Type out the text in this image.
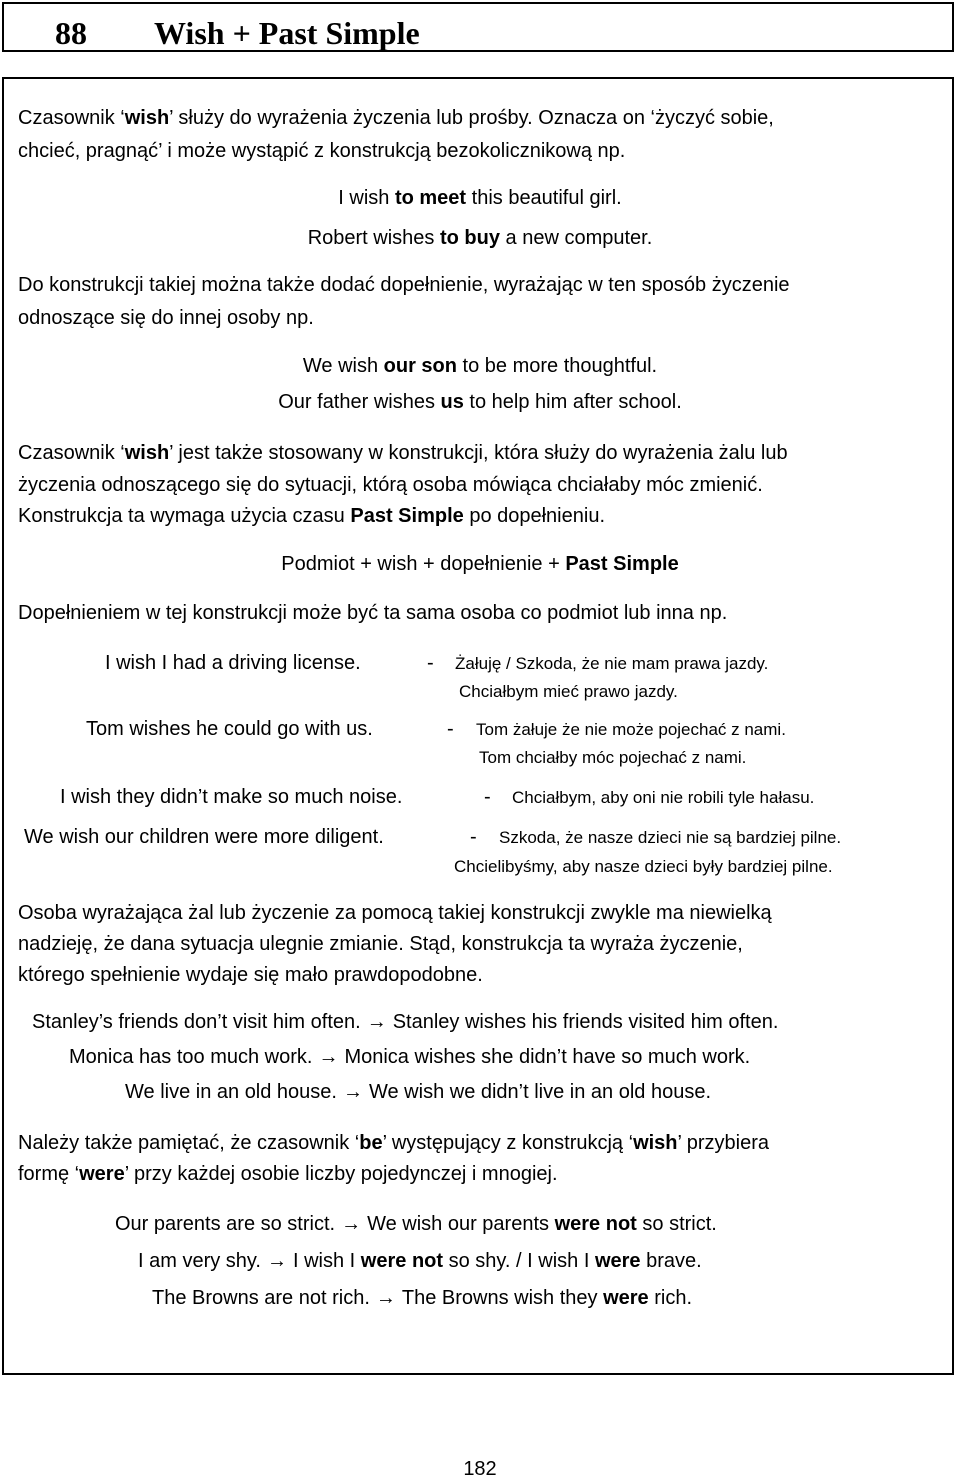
88 Wish + Past Simple
Czasownik ‘wish’ służy do wyrażenia życzenia lub prośby. Oznacza on ‘życzyć sobie,
chcieć, pragnąć’ i może wystąpić z konstrukcją bezokolicznikową np.
I wish to meet this beautiful girl.
Robert wishes to buy a new computer.
Do konstrukcji takiej można także dodać dopełnienie, wyrażając w ten sposób życzenie
odnoszące się do innej osoby np.
We wish our son to be more thoughtful.
Our father wishes us to help him after school.
Czasownik ‘wish’ jest także stosowany w konstrukcji, która służy do wyrażenia żalu lub
życzenia odnoszącego się do sytuacji, którą osoba mówiąca chciałaby móc zmienić.
Konstrukcja ta wymaga użycia czasu Past Simple po dopełnieniu.
Podmiot + wish + dopełnienie + Past Simple
Dopełnieniem w tej konstrukcji może być ta sama osoba co podmiot lub inna np.
I wish I had a driving license.	- Żałuję / Szkoda, że nie mam prawa jazdy.
Chciałbym mieć prawo jazdy.
Tom wishes he could go with us.	- Tom żałuje że nie może pojechać z nami.
Tom chciałby móc pojechać z nami.
I wish they didn’t make so much noise.	- Chciałbym, aby oni nie robili tyle hałasu.
We wish our children were more diligent.	- Szkoda, że nasze dzieci nie są bardziej pilne.
Chcielibyśmy, aby nasze dzieci były bardziej pilne.
Osoba wyrażająca żal lub życzenie za pomocą takiej konstrukcji zwykle ma niewielką
nadzieję, że dana sytuacja ulegnie zmianie. Stąd, konstrukcja ta wyraża życzenie,
którego spełnienie wydaje się mało prawdopodobne.
Stanley’s friends don’t visit him often. → Stanley wishes his friends visited him often.
Monica has too much work. → Monica wishes she didn’t have so much work.
We live in an old house. → We wish we didn’t live in an old house.
Należy także pamiętać, że czasownik ‘be’ występujący z konstrukcją ‘wish’ przybiera
formę ‘were’ przy każdej osobie liczby pojedynczej i mnogiej.
Our parents are so strict. → We wish our parents were not so strict.
I am very shy. → I wish I were not so shy. / I wish I were brave.
The Browns are not rich. → The Browns wish they were rich.
182
